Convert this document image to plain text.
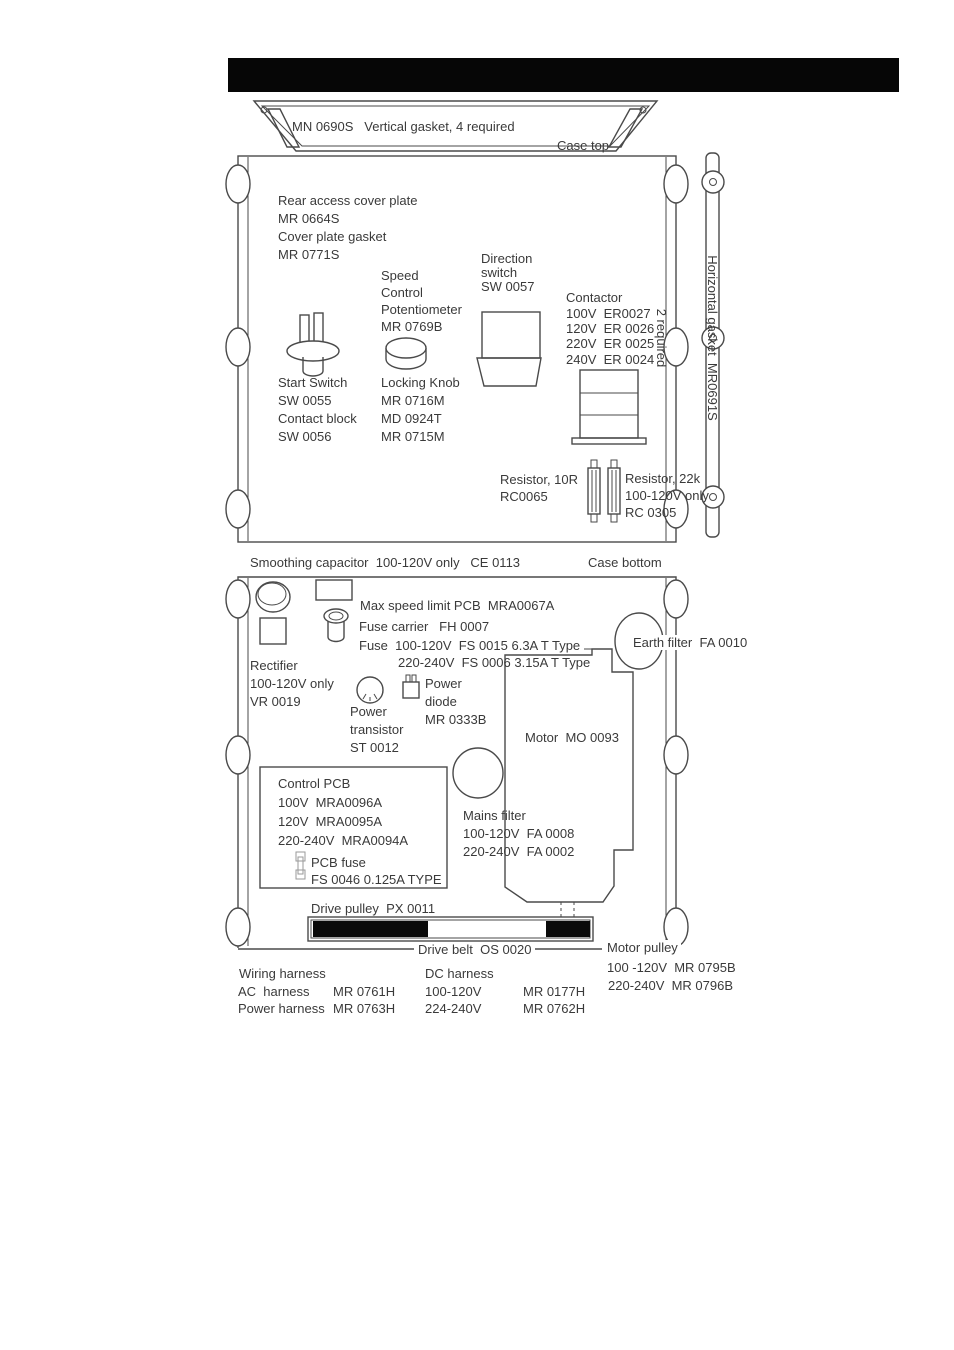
MN 0690S   Vertical gasket, 4 required
Case top
Rear access cover plate
MR 0664S
Cover plate gasket
MR 0771S
Speed
Control
Potentiometer
MR 0769B
Direction
switch
SW 0057
Contactor
100V  ER0027
120V  ER 0026
220V  ER 0025
240V  ER 0024
Start Switch
SW 0055
Contact block
SW 0056
Locking Knob
MR 0716M
MD 0924T
MR 0715M
Resistor, 10R
RC0065
Resistor, 22k
100-120V only
RC 0305

Horizontal gasket  MR0691S

2 required

Smoothing capacitor  100-120V only   CE 0113	Case bottom
Max speed limit PCB  MRA0067A
Fuse carrier   FH 0007
Fuse  100-120V  FS 0015 6.3A T Type
220-240V  FS 0006 3.15A T Type
Earth filter  FA 0010
Rectifier
100-120V only
VR 0019
Power
transistor
ST 0012
Power
diode
MR 0333B
Motor  MO 0093
Control PCB
100V  MRA0096A
120V  MRA0095A
220-240V  MRA0094A
PCB fuse
FS 0046 0.125A TYPE
Mains filter
100-120V  FA 0008
220-240V  FA 0002
Drive pulley  PX 0011
Drive belt  OS 0020	Motor pulley
Wiring harness
AC  harness MR 0761H
Power harness MR 0763H
DC harness
100-120V	MR 0177H
224-240V	MR 0762H
100 -120V  MR 0795B
220-240V  MR 0796B
